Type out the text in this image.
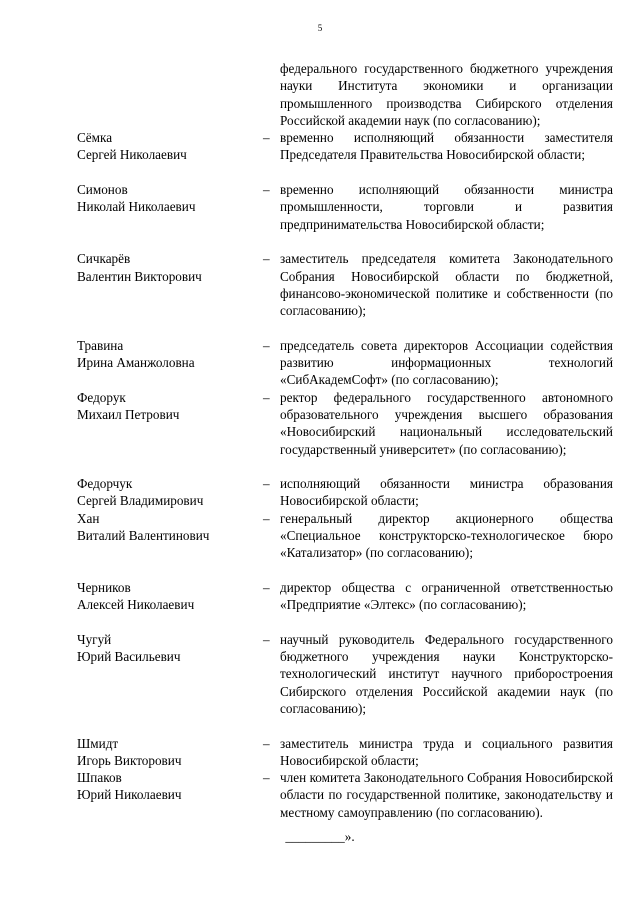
5
федерального государственного бюджетного учреждения науки Института экономики и организации промышленного производства Сибирского отделения Российской академии наук (по согласованию);
Сёмка
Сергей Николаевич
– временно исполняющий обязанности заместителя Председателя Правительства Новосибирской области;
Симонов
Николай Николаевич
– временно исполняющий обязанности министра промышленности, торговли и развития предпринимательства Новосибирской области;
Сичкарёв
Валентин Викторович
– заместитель председателя комитета Законодательного Собрания Новосибирской области по бюджетной, финансово-экономической политике и собственности (по согласованию);
Травина
Ирина Аманжоловна
– председатель совета директоров Ассоциации содействия развитию информационных технологий «СибАкадемСофт» (по согласованию);
Федорук
Михаил Петрович
– ректор федерального государственного автономного образовательного учреждения высшего образования «Новосибирский национальный исследовательский государственный университет» (по согласованию);
Федорчук
Сергей Владимирович
– исполняющий обязанности министра образования Новосибирской области;
Хан
Виталий Валентинович
– генеральный директор акционерного общества «Специальное конструкторско-технологическое бюро «Катализатор» (по согласованию);
Черников
Алексей Николаевич
– директор общества с ограниченной ответственностью «Предприятие «Элтекс» (по согласованию);
Чугуй
Юрий Васильевич
– научный руководитель Федерального государственного бюджетного учреждения науки Конструкторско-технологический институт научного приборостроения Сибирского отделения Российской академии наук (по согласованию);
Шмидт
Игорь Викторович
– заместитель министра труда и социального развития Новосибирской области;
Шпаков
Юрий Николаевич
– член комитета Законодательного Собрания Новосибирской области по государственной политике, законодательству и местному самоуправлению (по согласованию).
_________».
